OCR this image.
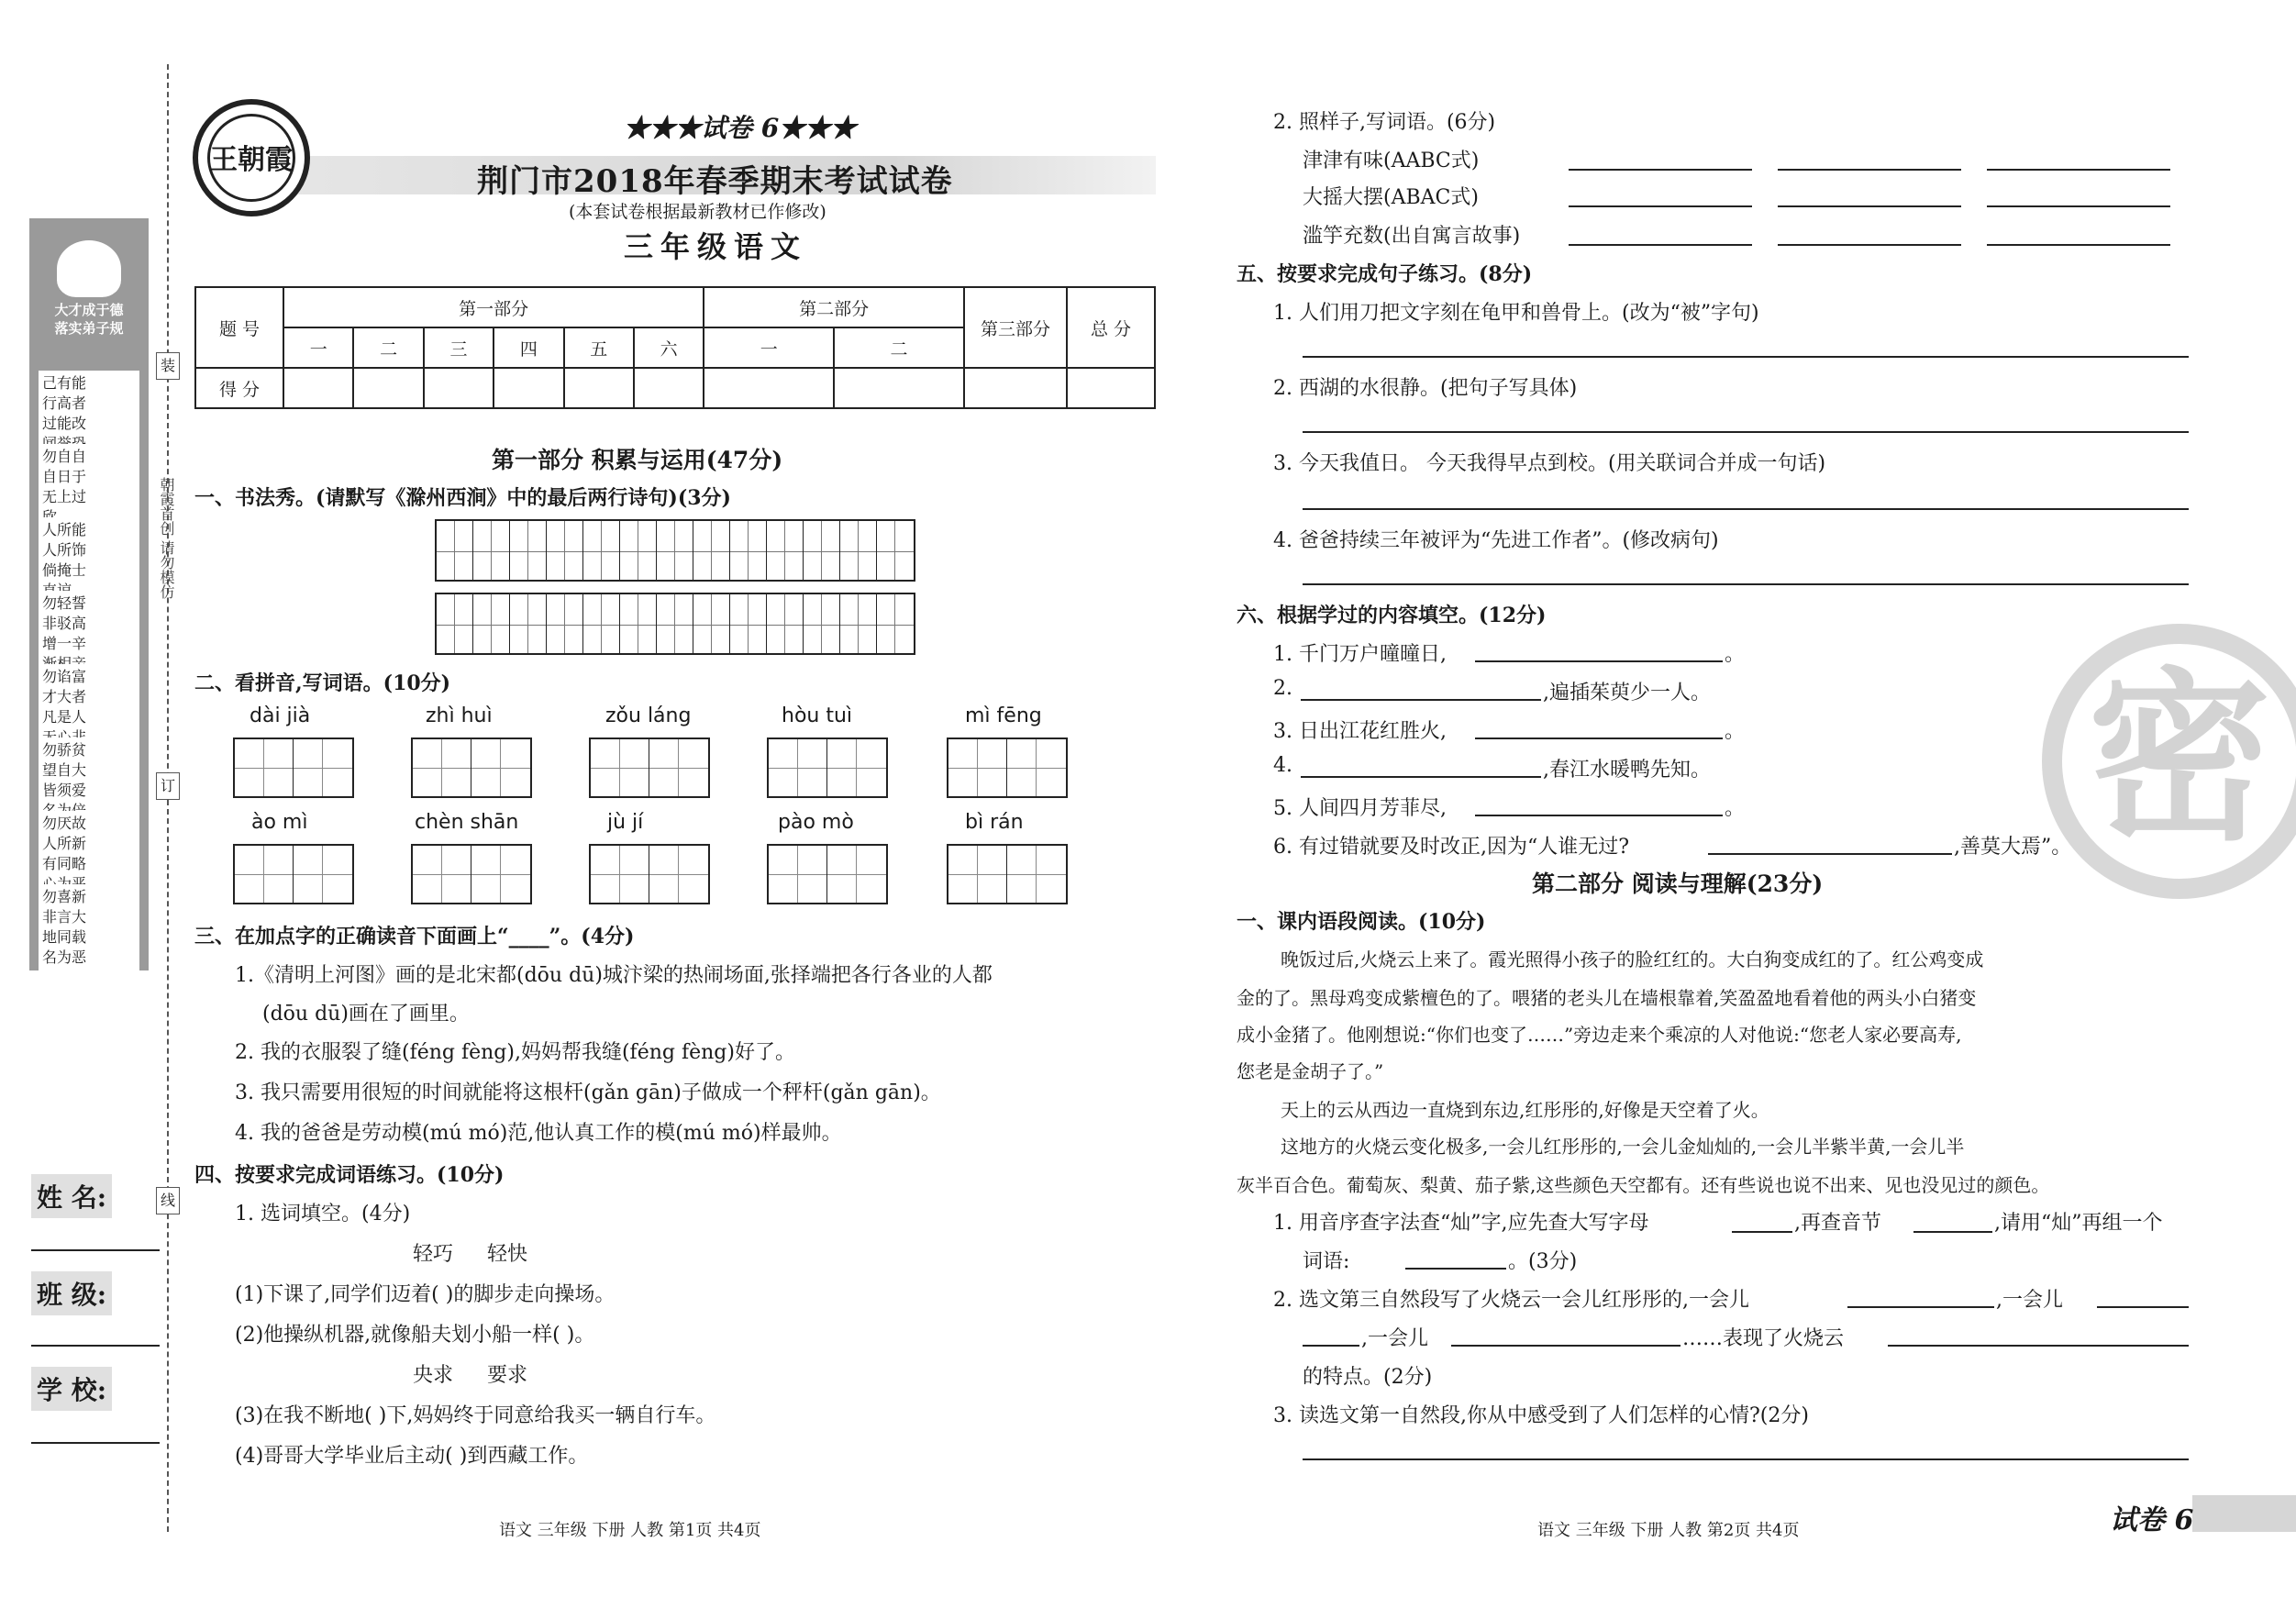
大才成于德
落实弟子规
己有能
行高者
过能改
勿自自
自日于
无上过
人所能
人所饰
倘掩士
勿轻誓
非驳高
增一辛
勿谄富
才大者
凡是人
勿骄贫
望自大
皆须爱
勿厌故
人所新
有同略
勿喜新
非言大
地同载
名为恶
朝霞首创 请勿模仿
装
订
线
姓 名:
班 级:
学 校:
王朝霞
★★★试卷 6★★★
荆门市2018年春季期末考试试卷
(本套试卷根据最新教材已作修改)
三年级语文
题 号	第一部分						第二部分		第三部分	总 分
	一	二	三	四	五	六	一	二		
得 分										
第一部分 积累与运用(47分)
一、书法秀。(请默写《滁州西涧》中的最后两行诗句)(3分)
二、看拼音,写词语。(10分)
dài jià	zhì huì	zǒu láng	hòu tuì	mì fēng
ào mì	chèn shān	jù jí	pào mò	bì rán
三、在加点字的正确读音下面画上“____”。(4分)
1.《清明上河图》画的是北宋都(dōu dū)城汴梁的热闹场面,张择端把各行各业的人都
(dōu dū)画在了画里。
2. 我的衣服裂了缝(féng fèng),妈妈帮我缝(féng fèng)好了。
3. 我只需要用很短的时间就能将这根杆(gǎn gān)子做成一个秤杆(gǎn gān)。
4. 我的爸爸是劳动模(mú mó)范,他认真工作的模(mú mó)样最帅。
四、按要求完成词语练习。(10分)
1. 选词填空。(4分)
轻巧 轻快
(1)下课了,同学们迈着( )的脚步走向操场。
(2)他操纵机器,就像船夫划小船一样( )。
央求 要求
(3)在我不断地( )下,妈妈终于同意给我买一辆自行车。
(4)哥哥大学毕业后主动( )到西藏工作。
语文 三年级 下册 人教 第1页 共4页
密
2. 照样子,写词语。(6分)
津津有味(AABC式)
大摇大摆(ABAC式)
滥竽充数(出自寓言故事)
五、按要求完成句子练习。(8分)
1. 人们用刀把文字刻在龟甲和兽骨上。(改为“被”字句)
2. 西湖的水很静。(把句子写具体)
3. 今天我值日。 今天我得早点到校。(用关联词合并成一句话)
4. 爸爸持续三年被评为“先进工作者”。(修改病句)
六、根据学过的内容填空。(12分)
1. 千门万户曈曈日,	。
2.	,遍插茱萸少一人。
3. 日出江花红胜火,	。
4.	,春江水暖鸭先知。
5. 人间四月芳菲尽,	。
6. 有过错就要及时改正,因为“人谁无过?	,善莫大焉”。
第二部分 阅读与理解(23分)
一、课内语段阅读。(10分)
晚饭过后,火烧云上来了。霞光照得小孩子的脸红红的。大白狗变成红的了。红公鸡变成
金的了。黑母鸡变成紫檀色的了。喂猪的老头儿在墙根靠着,笑盈盈地看着他的两头小白猪变
成小金猪了。他刚想说:“你们也变了……”旁边走来个乘凉的人对他说:“您老人家必要高寿,
您老是金胡子了。”
天上的云从西边一直烧到东边,红彤彤的,好像是天空着了火。
这地方的火烧云变化极多,一会儿红彤彤的,一会儿金灿灿的,一会儿半紫半黄,一会儿半
灰半百合色。葡萄灰、梨黄、茄子紫,这些颜色天空都有。还有些说也说不出来、见也没见过的颜色。
1. 用音序查字法查“灿”字,应先查大写字母	,再查音节	,请用“灿”再组一个
词语:	。(3分)
2. 选文第三自然段写了火烧云一会儿红彤彤的,一会儿	,一会儿
,一会儿	……表现了火烧云
的特点。(2分)
3. 读选文第一自然段,你从中感受到了人们怎样的心情?(2分)
语文 三年级 下册 人教 第2页 共4页	试卷 6
